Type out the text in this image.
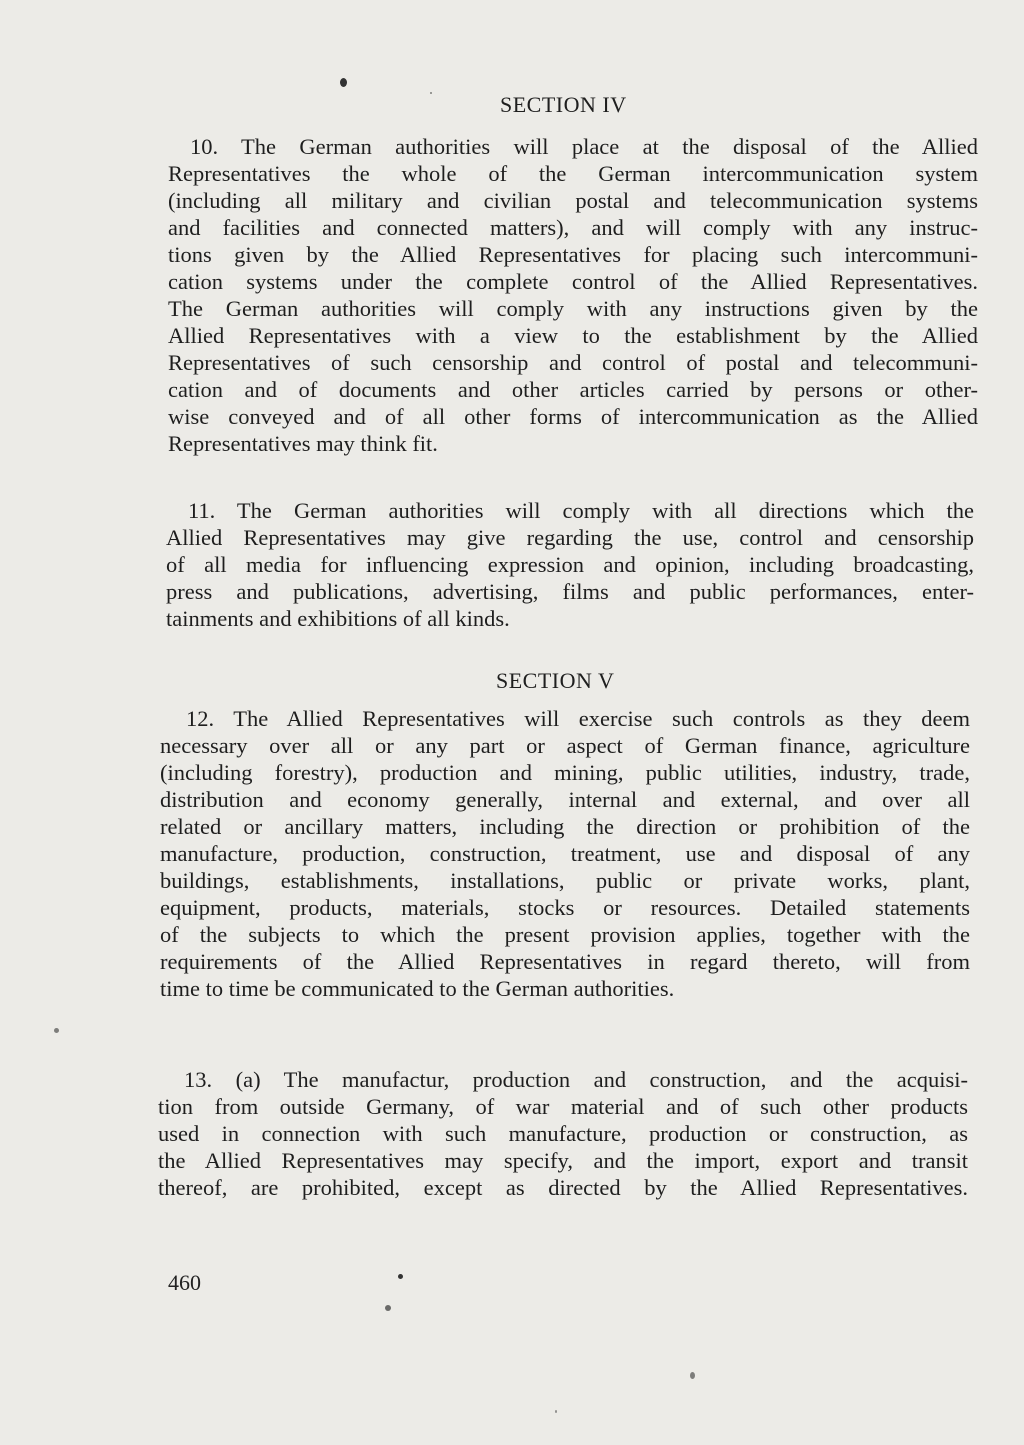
SECTION IV
10. The German authorities will place at the disposal of the Allied
Representatives the whole of the German intercommunication system
(including all military and civilian postal and telecommunication systems
and facilities and connected matters), and will comply with any instruc-
tions given by the Allied Representatives for placing such intercommuni-
cation systems under the complete control of the Allied Representatives.
The German authorities will comply with any instructions given by the
Allied Representatives with a view to the establishment by the Allied
Representatives of such censorship and control of postal and telecommuni-
cation and of documents and other articles carried by persons or other-
wise conveyed and of all other forms of intercommunication as the Allied
Representatives may think fit.
11. The German authorities will comply with all directions which the
Allied Representatives may give regarding the use, control and censorship
of all media for influencing expression and opinion, including broadcasting,
press and publications, advertising, films and public performances, enter-
tainments and exhibitions of all kinds.
SECTION V
12. The Allied Representatives will exercise such controls as they deem
necessary over all or any part or aspect of German finance, agriculture
(including forestry), production and mining, public utilities, industry, trade,
distribution and economy generally, internal and external, and over all
related or ancillary matters, including the direction or prohibition of the
manufacture, production, construction, treatment, use and disposal of any
buildings, establishments, installations, public or private works, plant,
equipment, products, materials, stocks or resources. Detailed statements
of the subjects to which the present provision applies, together with the
requirements of the Allied Representatives in regard thereto, will from
time to time be communicated to the German authorities.
13. (a) The manufactur, production and construction, and the acquisi-
tion from outside Germany, of war material and of such other products
used in connection with such manufacture, production or construction, as
the Allied Representatives may specify, and the import, export and transit
thereof, are prohibited, except as directed by the Allied Representatives.
460
